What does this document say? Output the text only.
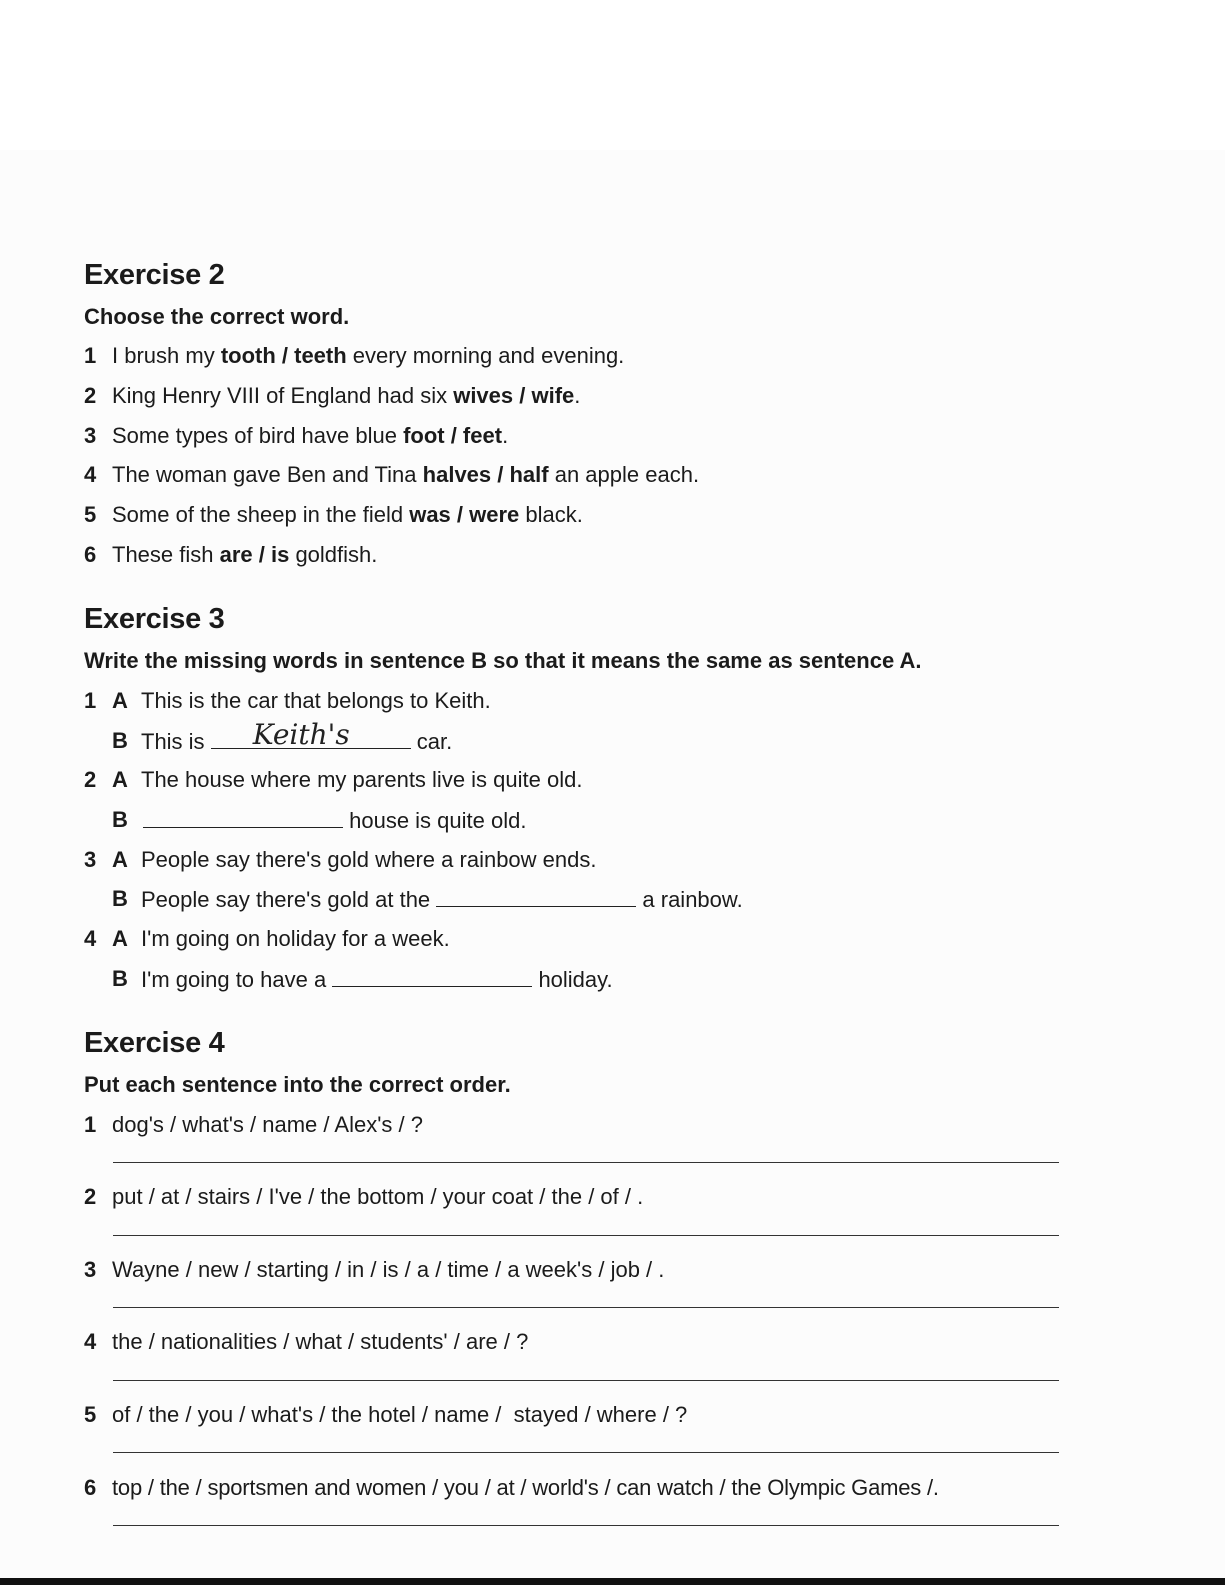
Exercise 2
Choose the correct word.
1 I brush my tooth / teeth every morning and evening.
2 King Henry VIII of England had six wives / wife.
3 Some types of bird have blue foot / feet.
4 The woman gave Ben and Tina halves / half an apple each.
5 Some of the sheep in the field was / were black.
6 These fish are / is goldfish.
Exercise 3
Write the missing words in sentence B so that it means the same as sentence A.
1 A This is the car that belongs to Keith.
B This is Keith's	car.
2 A The house where my parents live is quite old.
B	house is quite old.
3 A People say there's gold where a rainbow ends.
B People say there's gold at the	a rainbow.
4 A I'm going on holiday for a week.
B I'm going to have a	holiday.
Exercise 4
Put each sentence into the correct order.
1 dog's / what's / name / Alex's / ?
2 put / at / stairs / I've / the bottom / your coat / the / of / .
3 Wayne / new / starting / in / is / a / time / a week's / job / .
4 the / nationalities / what / students' / are / ?
5 of / the / you / what's / the hotel / name /  stayed / where / ?
6 top / the / sportsmen and women / you / at / world's / can watch / the Olympic Games /.
